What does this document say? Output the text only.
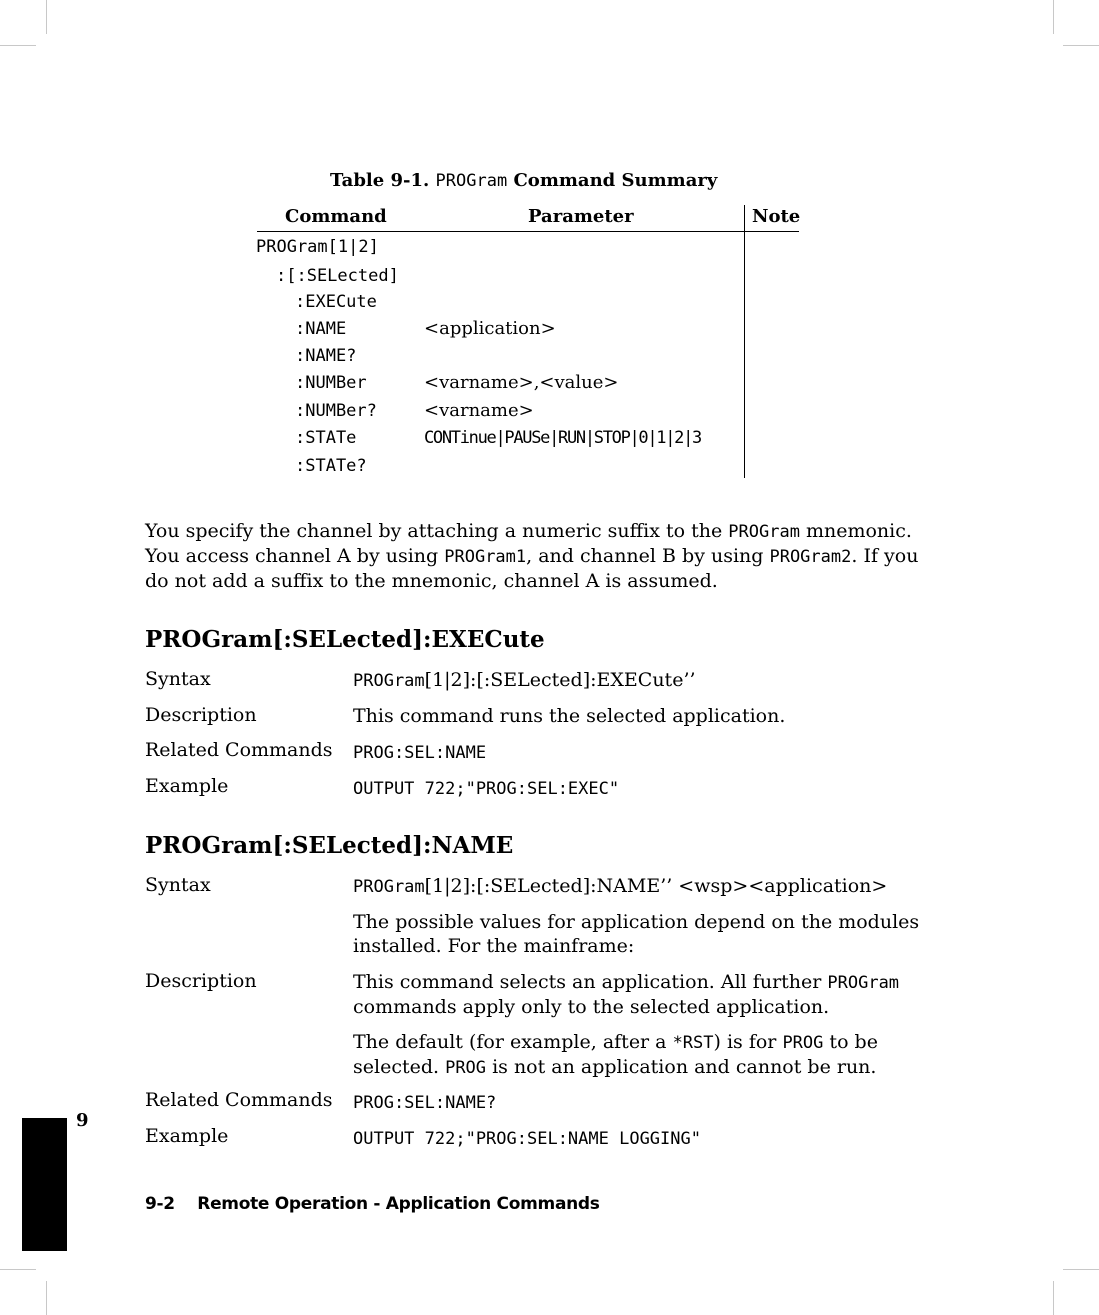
Table 9-1. PROGram Command Summary
Command	Parameter	Note
PROGram[1|2]
:[:SELected]
:EXECute
:NAME	<application>
:NAME?
:NUMBer	<varname>,<value>
:NUMBer?	<varname>
:STATe	CONTinue|PAUSe|RUN|STOP|0|1|2|3
:STATe?
You specify the channel by attaching a numeric suffix to the PROGram mnemonic. You access channel A by using PROGram1, and channel B by using PROGram2. If you do not add a suffix to the mnemonic, channel A is assumed.
PROGram[:SELected]:EXECute
Syntax	PROGram[1|2]:[:SELected]:EXECute’’
Description	This command runs the selected application.
Related Commands PROG:SEL:NAME
Example	OUTPUT 722;"PROG:SEL:EXEC"
PROGram[:SELected]:NAME
Syntax	PROGram[1|2]:[:SELected]:NAME’’ <wsp><application>
The possible values for application depend on the modules installed. For the mainframe:
Description	This command selects an application. All further PROGram commands apply only to the selected application.
The default (for example, after a *RST) is for PROG to be selected. PROG is not an application and cannot be run.
Related Commands PROG:SEL:NAME?
Example	OUTPUT 722;"PROG:SEL:NAME LOGGING"
9
9-2    Remote Operation - Application Commands
